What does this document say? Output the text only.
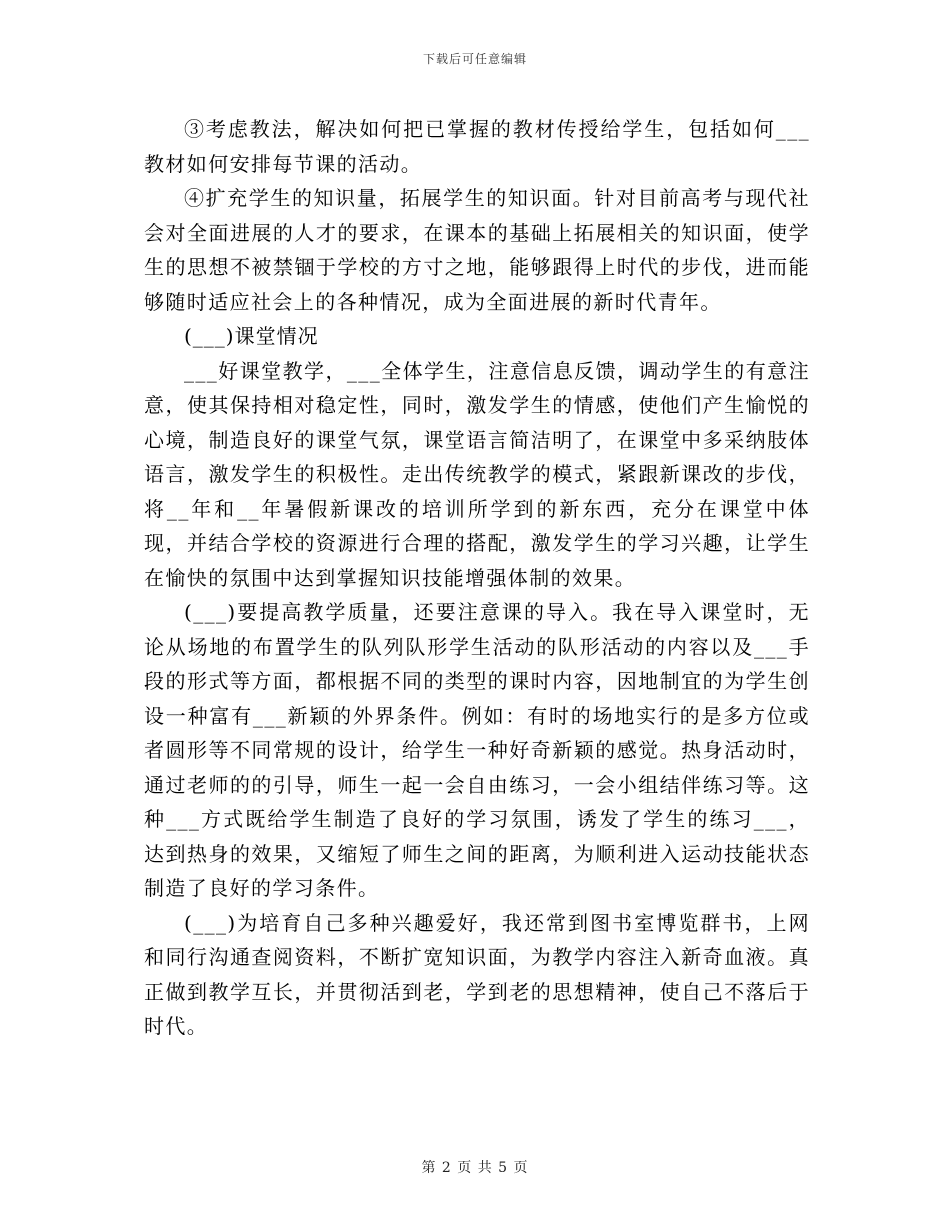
下载后可任意编辑

③考虑教法，解决如何把已掌握的教材传授给学生，包括如何___教材如何安排每节课的活动。

④扩充学生的知识量，拓展学生的知识面。针对目前高考与现代社会对全面进展的人才的要求，在课本的基础上拓展相关的知识面，使学生的思想不被禁锢于学校的方寸之地，能够跟得上时代的步伐，进而能够随时适应社会上的各种情况，成为全面进展的新时代青年。

(___)课堂情况

___好课堂教学，___全体学生，注意信息反馈，调动学生的有意注意，使其保持相对稳定性，同时，激发学生的情感，使他们产生愉悦的心境，制造良好的课堂气氛，课堂语言简洁明了，在课堂中多采纳肢体语言，激发学生的积极性。走出传统教学的模式，紧跟新课改的步伐，将__年和__年暑假新课改的培训所学到的新东西，充分在课堂中体现，并结合学校的资源进行合理的搭配，激发学生的学习兴趣，让学生在愉快的氛围中达到掌握知识技能增强体制的效果。

(___)要提高教学质量，还要注意课的导入。我在导入课堂时，无论从场地的布置学生的队列队形学生活动的队形活动的内容以及___手段的形式等方面，都根据不同的类型的课时内容，因地制宜的为学生创设一种富有___新颖的外界条件。例如：有时的场地实行的是多方位或者圆形等不同常规的设计，给学生一种好奇新颖的感觉。热身活动时，通过老师的的引导，师生一起一会自由练习，一会小组结伴练习等。这种___方式既给学生制造了良好的学习氛围，诱发了学生的练习___，达到热身的效果，又缩短了师生之间的距离，为顺利进入运动技能状态制造了良好的学习条件。

(___)为培育自己多种兴趣爱好，我还常到图书室博览群书，上网和同行沟通查阅资料，不断扩宽知识面，为教学内容注入新奇血液。真正做到教学互长，并贯彻活到老，学到老的思想精神，使自己不落后于时代。

第 2 页 共 5 页
